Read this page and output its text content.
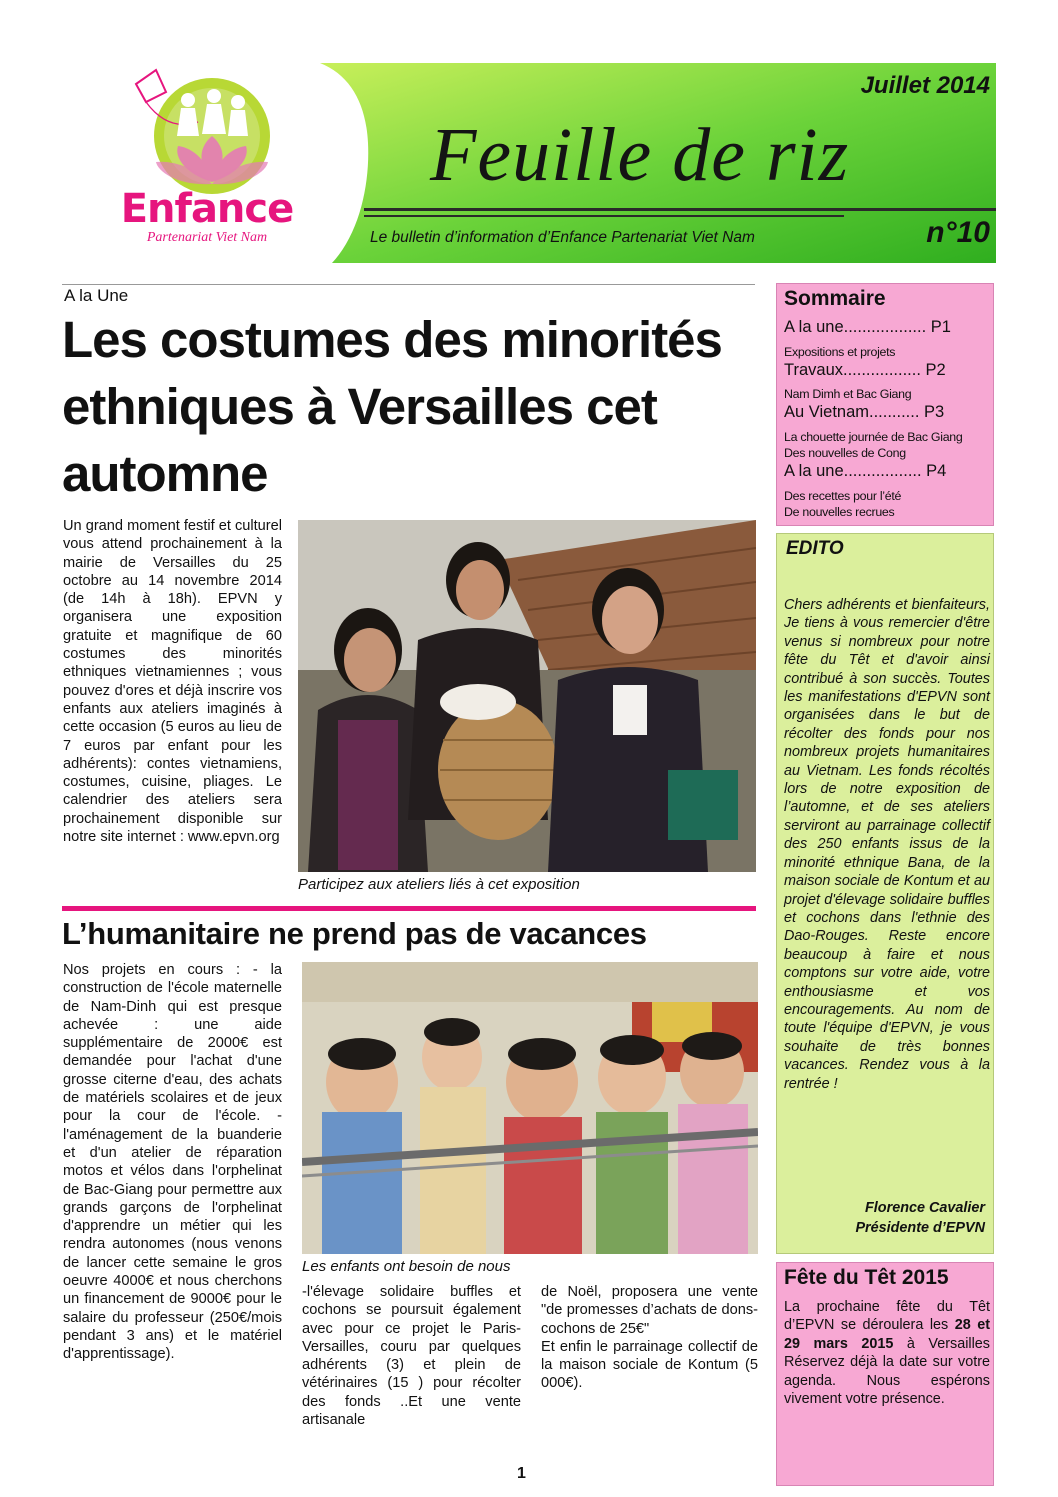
Enfance
Partenariat Viet Nam
Juillet 2014
Feuille de riz
Le bulletin d’information d’Enfance Partenariat Viet Nam	n°10
A la Une
Les costumes des minorités ethniques à Versailles cet automne
Un grand moment festif et culturel vous attend prochainement à la mairie de Versailles du 25 octobre au 14 novembre 2014 (de 14h à 18h). EPVN y organisera une exposition gratuite et magnifique de 60 costumes des minorités ethniques vietnamiennes ; vous pouvez d'ores et déjà inscrire vos enfants aux ateliers imaginés à cette occasion (5 euros au lieu de 7 euros par enfant pour les adhérents): contes vietnamiens, costumes, cuisine, pliages. Le calendrier des ateliers sera prochainement disponible sur notre site internet : www.epvn.org
Participez aux ateliers liés à cet exposition
L’humanitaire ne prend pas de vacances
Nos projets en cours : - la construction de l'école maternelle de Nam-Dinh qui est presque achevée : une aide supplémentaire de 2000€ est demandée pour l'achat d'une grosse citerne d'eau, des achats de matériels scolaires et de jeux pour la cour de l'école. -l'aménagement de la buanderie et d'un atelier de réparation motos et vélos dans l'orphelinat de Bac-Giang pour permettre aux grands garçons de l'orphelinat d'apprendre un métier qui les rendra autonomes (nous venons de lancer cette semaine le gros oeuvre 4000€ et nous cherchons un financement de 9000€ pour le salaire du professeur (250€/mois pendant 3 ans) et le matériel d'apprentissage).
Les enfants ont besoin de nous
-l'élevage solidaire buffles et cochons se poursuit également avec pour ce projet le Paris-Versailles, couru par quelques adhérents (3) et plein de vétérinaires (15 ) pour récolter des fonds ..Et une vente artisanale
de Noël, proposera une vente "de promesses d’achats de dons- cochons de 25€"
Et enfin le parrainage collectif de la maison sociale de Kontum (5 000€).
1
Sommaire
A la une.................. P1
Expositions et projets
Travaux................. P2
Nam Dimh et Bac Giang
Au Vietnam........... P3
La chouette journée de Bac Giang
Des nouvelles de Cong
A la une................. P4
Des recettes pour l’été
De nouvelles recrues
EDITO
Chers adhérents et bienfaiteurs, Je tiens à vous remercier d'être venus si nombreux pour notre fête du Têt et d'avoir ainsi contribué à son succès. Toutes les manifestations d'EPVN sont organisées dans le but de récolter des fonds pour nos nombreux projets humanitaires au Vietnam. Les fonds récoltés lors de notre exposition de l’automne, et de ses ateliers serviront au parrainage collectif des 250 enfants issus de la minorité ethnique Bana, de la maison sociale de Kontum et au projet d'élevage solidaire buffles et cochons dans l'ethnie des Dao-Rouges. Reste encore beaucoup à faire et nous comptons sur votre aide, votre enthousiasme et vos encouragements. Au nom de toute l'équipe d'EPVN, je vous souhaite de très bonnes vacances. Rendez vous à la rentrée !
Florence Cavalier
Présidente d’EPVN
Fête du Têt 2015
La prochaine fête du Têt d’EPVN se déroulera les 28 et 29 mars 2015 à Versailles Réservez déjà la date sur votre agenda. Nous espérons vivement votre présence.
